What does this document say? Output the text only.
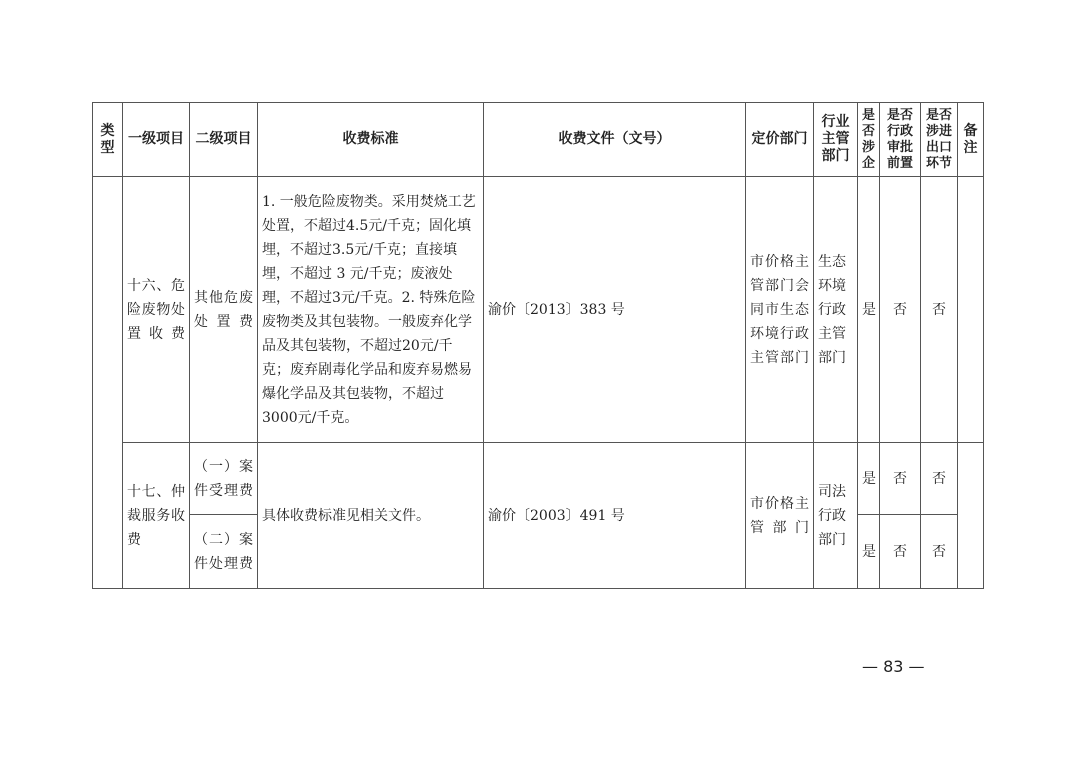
类型	一级项目	二级项目	收费标准	收费文件（文号）	定价部门	行业主管部门	是否涉企	是否行政审批前置	是否涉进出口环节	备注
	十六、危险废物处置收费	其他危废处置费	1. 一般危险废物类。采用焚烧工艺处置，不超过4.5元/千克；固化填埋，不超过3.5元/千克；直接填埋，不超过 3 元/千克；废液处理，不超过3元/千克。2. 特殊危险废物类及其包装物。一般废弃化学品及其包装物，不超过20元/千克；废弃剧毒化学品和废弃易燃易爆化学品及其包装物，不超过3000元/千克。	渝价〔2013〕383 号	市价格主管部门会同市生态环境行政主管部门	生态环境行政主管部门	是	否	否	
	十七、仲裁服务收费	（一）案件受理费	具体收费标准见相关文件。	渝价〔2003〕491 号	市价格主管部门	司法行政部门	是	否	否	
		（二）案件处理费					是	否	否	
— 83 —
